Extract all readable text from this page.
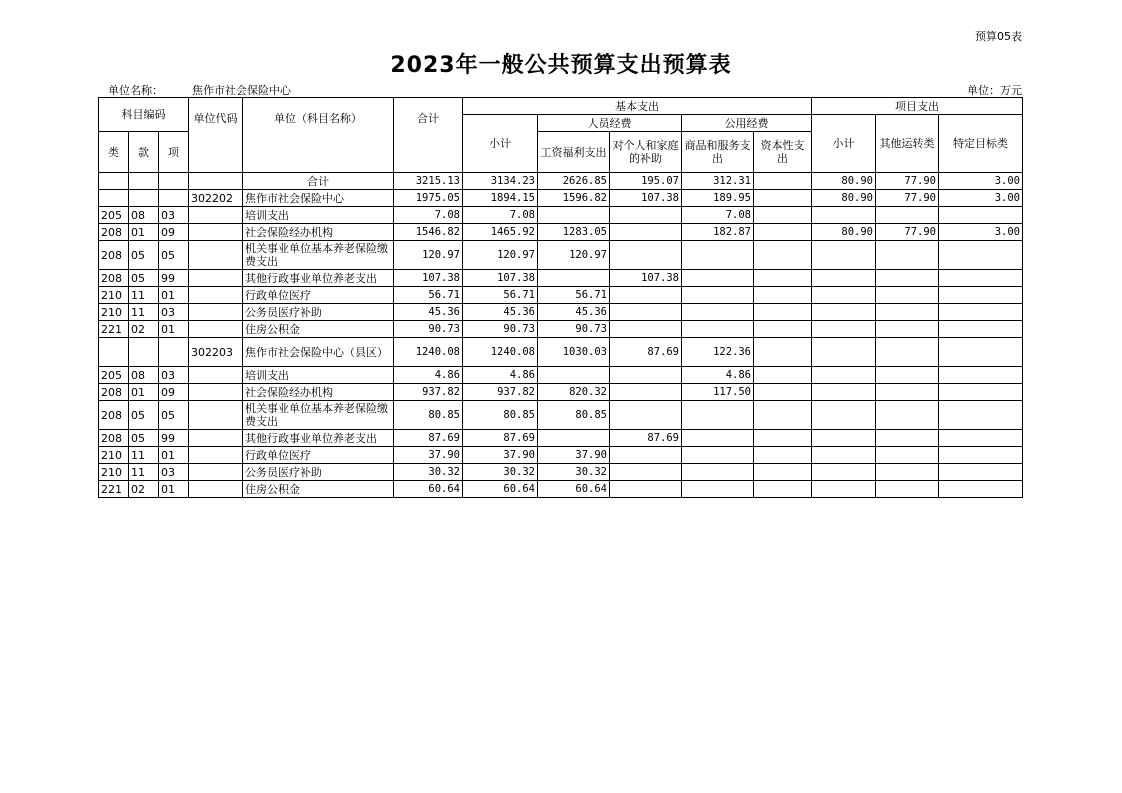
预算05表
2023年一般公共预算支出预算表
单位名称：	焦作市社会保险中心	单位：万元
科目编码			单位代码	单位（科目名称）	合计	基本支出					项目支出		
						小计	人员经费		公用经费		小计	其他运转类	特定目标类
类	款	项					工资福利支出	对个人和家庭的补助	商品和服务支出	资本性支出			

				合计	3215.13	3134.23	2626.85	195.07	312.31		80.90	77.90	3.00
			302202	焦作市社会保险中心	1975.05	1894.15	1596.82	107.38	189.95		80.90	77.90	3.00
205	08	03		培训支出	7.08	7.08			7.08				
208	01	09		社会保险经办机构	1546.82	1465.92	1283.05		182.87		80.90	77.90	3.00
208	05	05		机关事业单位基本养老保险缴费支出	120.97	120.97	120.97						
208	05	99		其他行政事业单位养老支出	107.38	107.38		107.38					
210	11	01		行政单位医疗	56.71	56.71	56.71						
210	11	03		公务员医疗补助	45.36	45.36	45.36						
221	02	01		住房公积金	90.73	90.73	90.73						
			302203	焦作市社会保险中心（县区）	1240.08	1240.08	1030.03	87.69	122.36				
205	08	03		培训支出	4.86	4.86			4.86				
208	01	09		社会保险经办机构	937.82	937.82	820.32		117.50				
208	05	05		机关事业单位基本养老保险缴费支出	80.85	80.85	80.85						
208	05	99		其他行政事业单位养老支出	87.69	87.69		87.69					
210	11	01		行政单位医疗	37.90	37.90	37.90						
210	11	03		公务员医疗补助	30.32	30.32	30.32						
221	02	01		住房公积金	60.64	60.64	60.64						
